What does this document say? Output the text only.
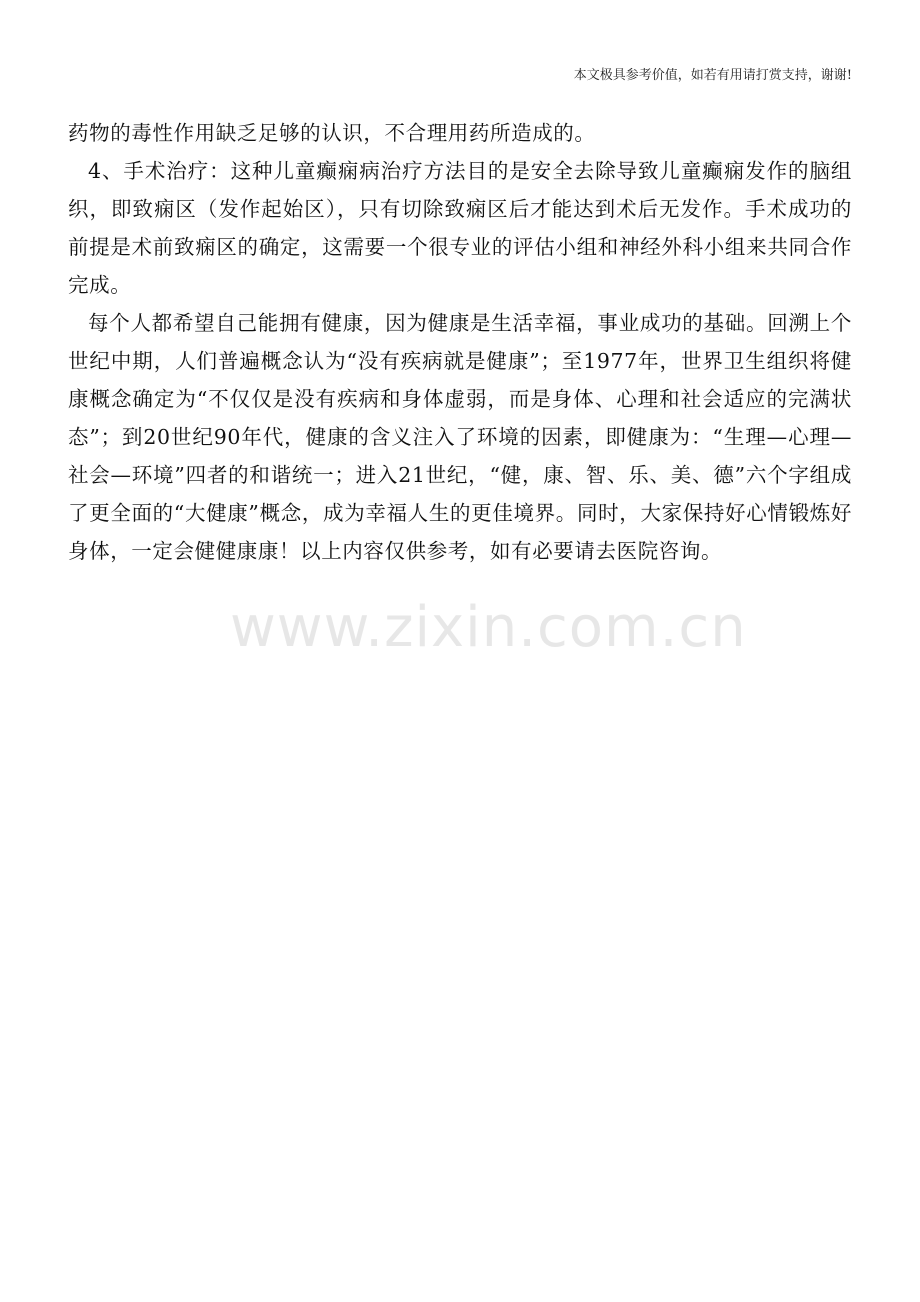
本文极具参考价值，如若有用请打赏支持，谢谢!

药物的毒性作用缺乏足够的认识，不合理用药所造成的。

4、手术治疗：这种儿童癫痫病治疗方法目的是安全去除导致儿童癫痫发作的脑组织，即致痫区（发作起始区），只有切除致痫区后才能达到术后无发作。手术成功的前提是术前致痫区的确定，这需要一个很专业的评估小组和神经外科小组来共同合作完成。

每个人都希望自己能拥有健康，因为健康是生活幸福，事业成功的基础。回溯上个世纪中期，人们普遍概念认为“没有疾病就是健康”；至1977年，世界卫生组织将健康概念确定为“不仅仅是没有疾病和身体虚弱，而是身体、心理和社会适应的完满状态”；到20世纪90年代，健康的含义注入了环境的因素，即健康为：“生理—心理—社会—环境”四者的和谐统一；进入21世纪，“健，康、智、乐、美、德”六个字组成了更全面的“大健康”概念，成为幸福人生的更佳境界。同时，大家保持好心情锻炼好身体，一定会健健康康！以上内容仅供参考，如有必要请去医院咨询。

www.zixin.com.cn
